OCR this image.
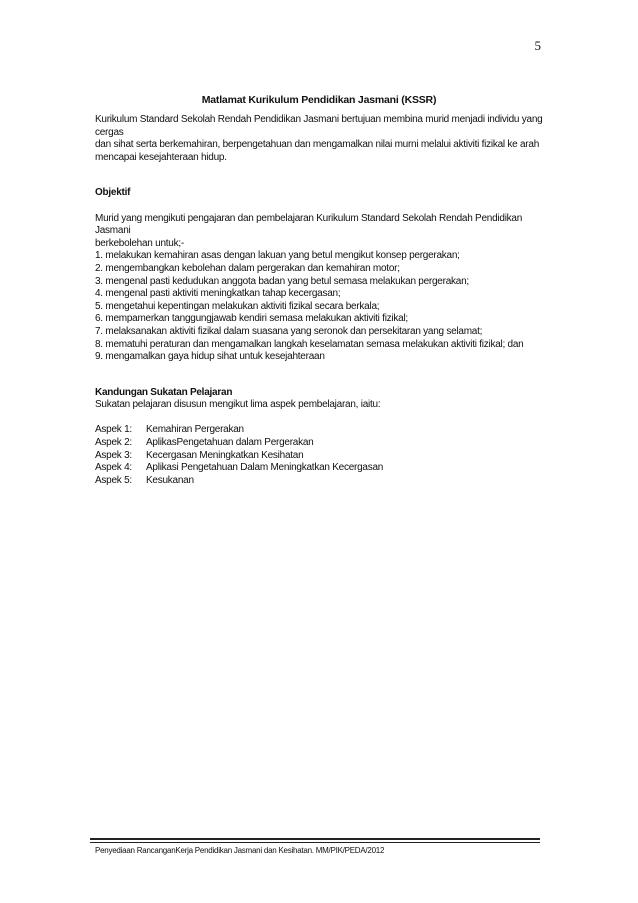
5
Matlamat Kurikulum Pendidikan Jasmani (KSSR)

Kurikulum Standard Sekolah Rendah Pendidikan Jasmani bertujuan membina murid menjadi individu yang cergas

dan sihat serta berkemahiran, berpengetahuan dan mengamalkan nilai murni melalui aktiviti fizikal ke arah

mencapai kesejahteraan hidup.

Objektif

Murid yang mengikuti pengajaran dan pembelajaran Kurikulum Standard Sekolah Rendah Pendidikan Jasmani

berkebolehan untuk;-

1. melakukan kemahiran asas dengan lakuan yang betul mengikut konsep pergerakan;

2. mengembangkan kebolehan dalam pergerakan dan kemahiran motor;

3. mengenal pasti kedudukan anggota badan yang betul semasa melakukan pergerakan;

4. mengenal pasti aktiviti meningkatkan tahap kecergasan;

5. mengetahui kepentingan melakukan aktiviti fizikal secara berkala;

6. mempamerkan tanggungjawab kendiri semasa melakukan aktiviti fizikal;

7. melaksanakan aktiviti fizikal dalam suasana yang seronok dan persekitaran yang selamat;

8. mematuhi peraturan dan mengamalkan langkah keselamatan semasa melakukan aktiviti fizikal; dan

9. mengamalkan gaya hidup sihat untuk kesejahteraan

Kandungan Sukatan Pelajaran

Sukatan pelajaran disusun mengikut lima aspek pembelajaran, iaitu:

Aspek 1:	Kemahiran Pergerakan
Aspek 2:	AplikasPengetahuan dalam Pergerakan
Aspek 3:	Kecergasan Meningkatkan Kesihatan
Aspek 4:	Aplikasi Pengetahuan Dalam Meningkatkan Kecergasan
Aspek 5:	Kesukanan
Penyediaan RancanganKerja Pendidikan Jasmani dan Kesihatan. MM/PIK/PEDA/2012
